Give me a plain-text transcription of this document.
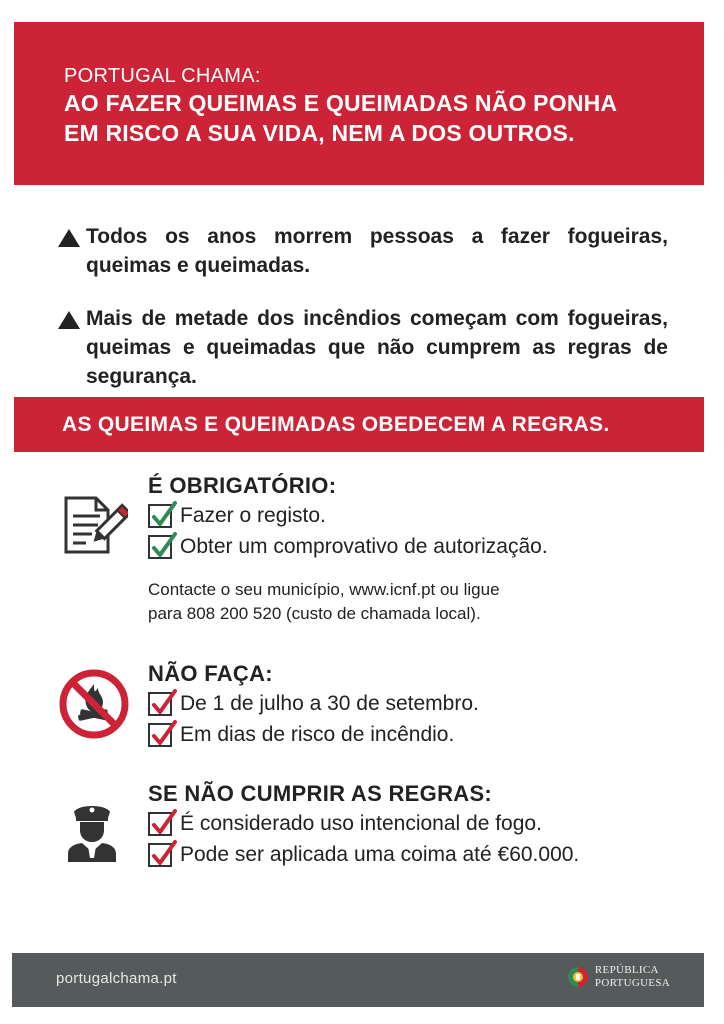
PORTUGAL CHAMA:
AO FAZER QUEIMAS E QUEIMADAS NÃO PONHA
EM RISCO A SUA VIDA, NEM A DOS OUTROS.
Todos os anos morrem pessoas a fazer fogueiras, queimas e queimadas.
Mais de metade dos incêndios começam com fogueiras, queimas e queimadas que não cumprem as regras de segurança.
AS QUEIMAS E QUEIMADAS OBEDECEM A REGRAS.
É OBRIGATÓRIO:
Fazer o registo.
Obter um comprovativo de autorização.
Contacte o seu município, www.icnf.pt ou ligue
para 808 200 520 (custo de chamada local).
NÃO FAÇA:
De 1 de julho a 30 de setembro.
Em dias de risco de incêndio.
SE NÃO CUMPRIR AS REGRAS:
É considerado uso intencional de fogo.
Pode ser aplicada uma coima até €60.000.
portugalchama.pt	REPÚBLICA
PORTUGUESA
